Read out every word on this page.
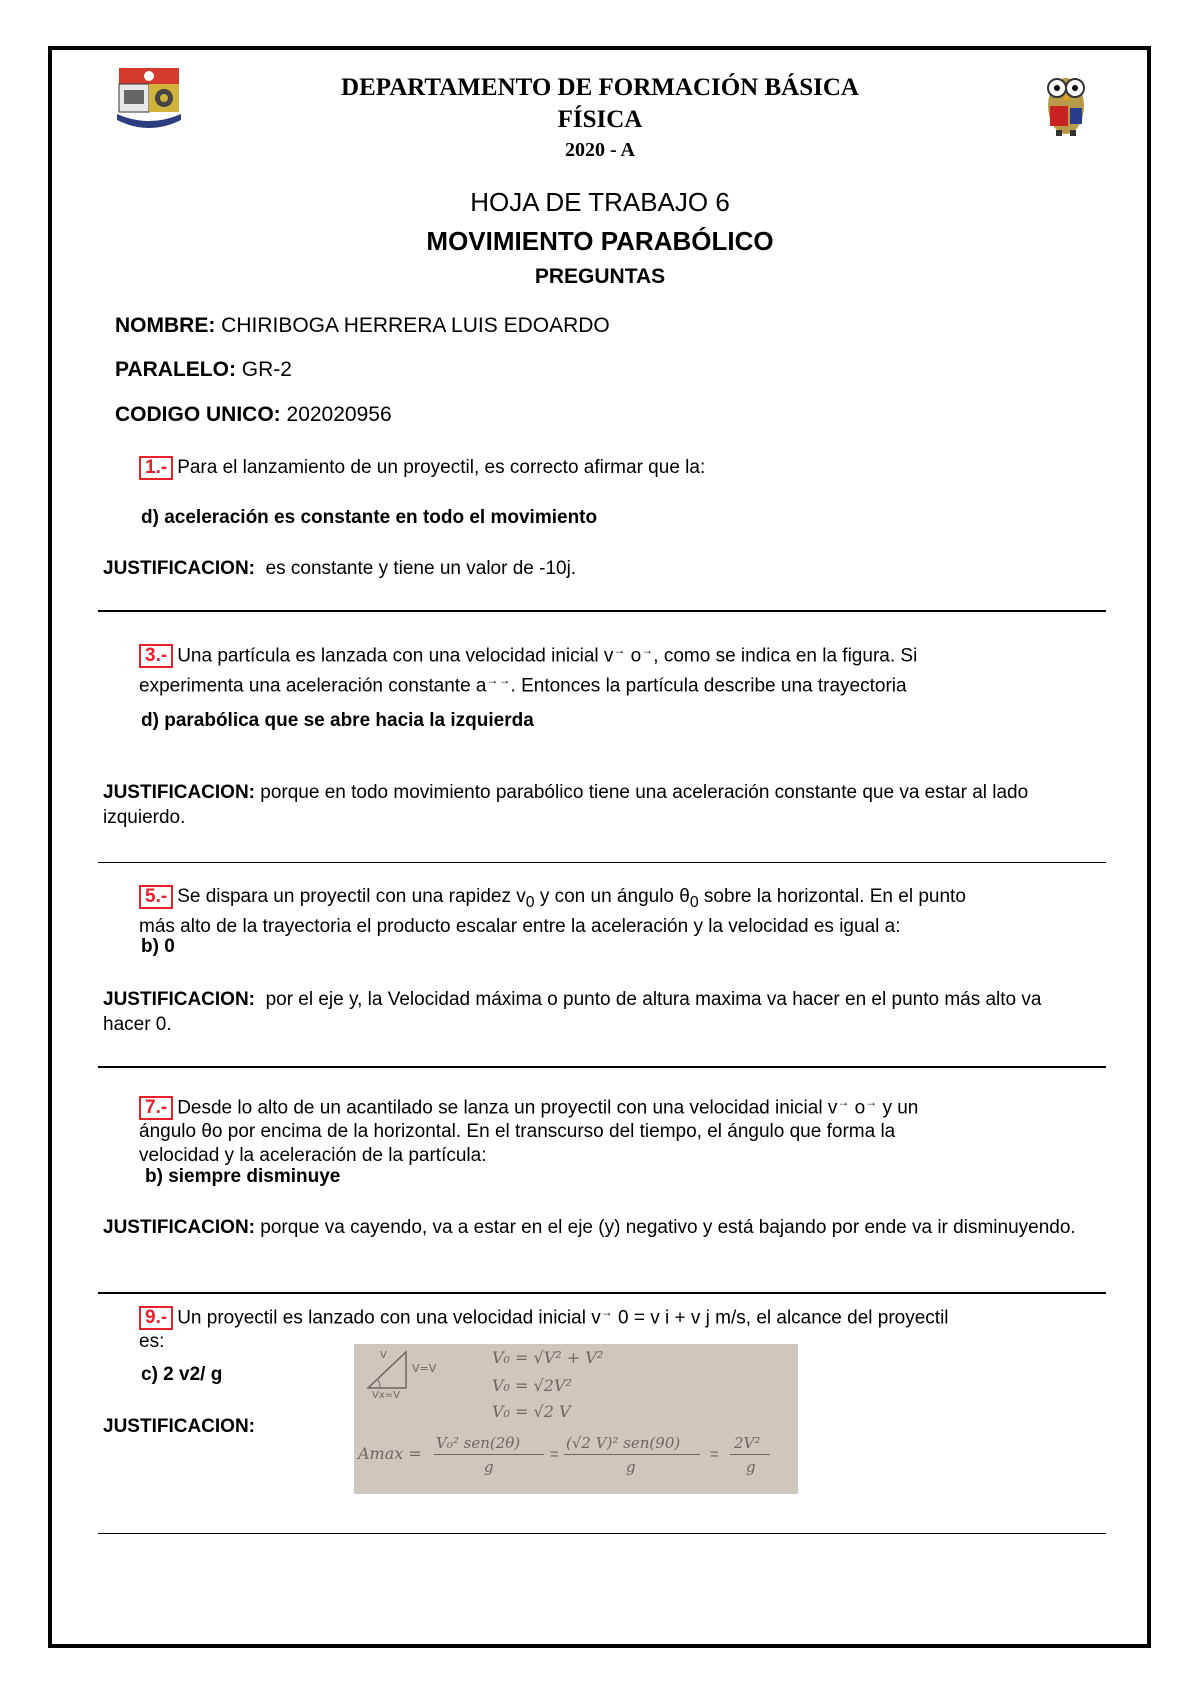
DEPARTAMENTO DE FORMACIÓN BÁSICA
FÍSICA
2020 - A
HOJA DE TRABAJO 6
MOVIMIENTO PARABÓLICO
PREGUNTAS
NOMBRE: CHIRIBOGA HERRERA LUIS EDOARDO
PARALELO: GR-2
CODIGO UNICO: 202020956
1.- Para el lanzamiento de un proyectil, es correcto afirmar que la:
d) aceleración es constante en todo el movimiento
JUSTIFICACION: es constante y tiene un valor de -10j.
3.- Una partícula es lanzada con una velocidad inicial v→ o→, como se indica en la figura. Si
experimenta una aceleración constante a→→. Entonces la partícula describe una trayectoria
d) parabólica que se abre hacia la izquierda
JUSTIFICACION: porque en todo movimiento parabólico tiene una aceleración constante que va estar al lado izquierdo.
5.- Se dispara un proyectil con una rapidez $v_0$ y con un ángulo $\theta_0$ sobre la horizontal. En el punto
más alto de la trayectoria el producto escalar entre la aceleración y la velocidad es igual a:
b) 0
JUSTIFICACION: por el eje y, la Velocidad máxima o punto de altura maxima va hacer en el punto más alto va hacer 0.
7.- Desde lo alto de un acantilado se lanza un proyectil con una velocidad inicial v→ o→ y un
ángulo θo por encima de la horizontal. En el transcurso del tiempo, el ángulo que forma la
velocidad y la aceleración de la partícula:
b) siempre disminuye
JUSTIFICACION: porque va cayendo, va a estar en el eje (y) negativo y está bajando por ende va ir disminuyendo.
9.- Un proyectil es lanzado con una velocidad inicial v→ 0 = v i + v j m/s, el alcance del proyectil
es:
c) 2 v2/ g
JUSTIFICACION:
V
V=V
Vx=V
V₀ = √V² + V²
V₀ = √2V²
V₀ = √2 V
Amax =
V₀² sen(2θ)
g
=
(√2 V)² sen(90)
g
=
2V²
g
